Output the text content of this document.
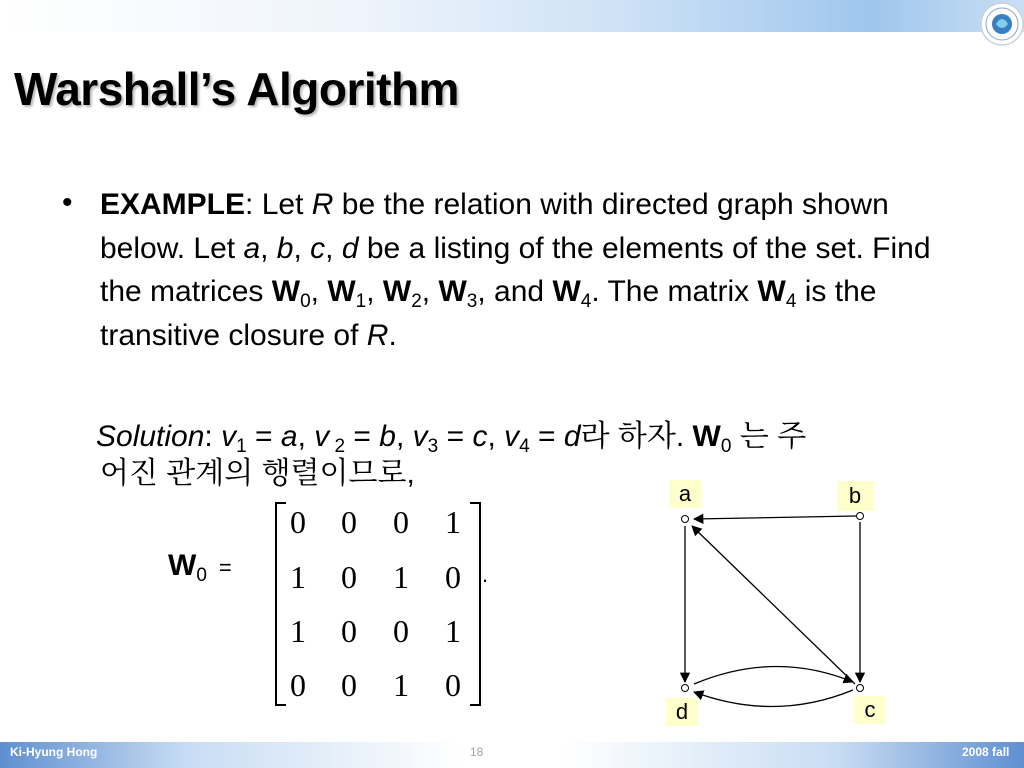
Warshall’s Algorithm
• EXAMPLE: Let R be the relation with directed graph shown below. Let a, b, c, d be a listing of the elements of the set. Find the matrices $W_0$, $W_1$, $W_2$, $W_3$, and $W_4$. The matrix $W_4$ is the transitive closure of R.
Solution: $v_1 = a$, v $_2$ = b, $v_3 = c$, $v_4 = d$라 하자. $W_0$ 는 주
어진 관계의 행렬이므로,
$W_0$ =
0	0	0	1
1	0	1	0
1	0	0	1
0	0	1	0
.
a	b
c
d
Ki-Hyung Hong	18	2008 fall
